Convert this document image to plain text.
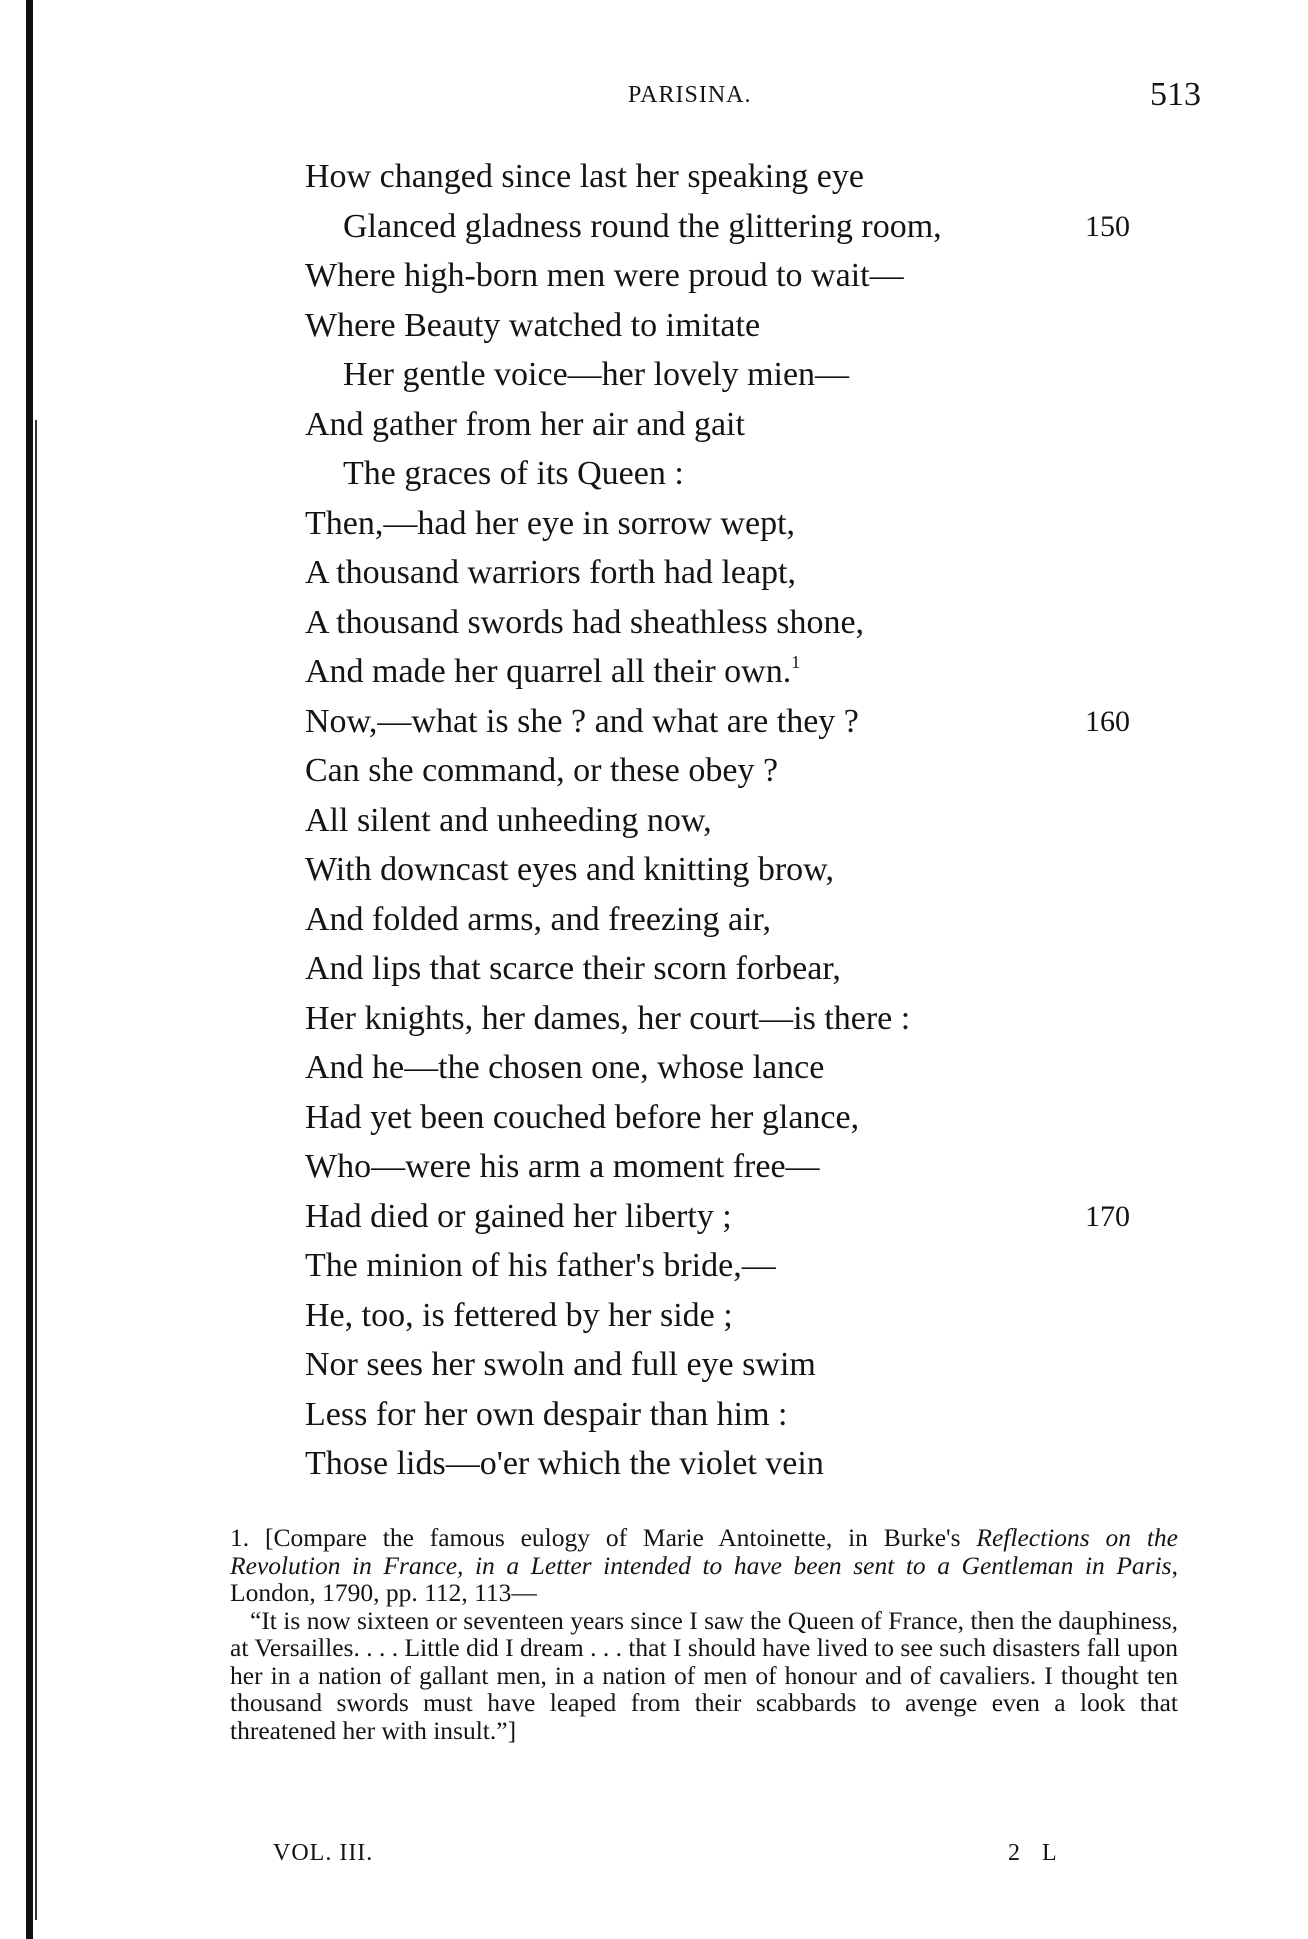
PARISINA.	513
How changed since last her speaking eye
Glanced gladness round the glittering room,	150
Where high-born men were proud to wait—
Where Beauty watched to imitate
Her gentle voice—her lovely mien—
And gather from her air and gait
The graces of its Queen :
Then,—had her eye in sorrow wept,
A thousand warriors forth had leapt,
A thousand swords had sheathless shone,
And made her quarrel all their own.$^1$
Now,—what is she ? and what are they ?	160
Can she command, or these obey ?
All silent and unheeding now,
With downcast eyes and knitting brow,
And folded arms, and freezing air,
And lips that scarce their scorn forbear,
Her knights, her dames, her court—is there :
And he—the chosen one, whose lance
Had yet been couched before her glance,
Who—were his arm a moment free—
Had died or gained her liberty ;	170
The minion of his father's bride,—
He, too, is fettered by her side ;
Nor sees her swoln and full eye swim
Less for her own despair than him :
Those lids—o'er which the violet vein

1. [Compare the famous eulogy of Marie Antoinette, in Burke's Reflections on the Revolution in France, in a Letter intended to have been sent to a Gentleman in Paris, London, 1790, pp. 112, 113—

“It is now sixteen or seventeen years since I saw the Queen of France, then the dauphiness, at Versailles. . . . Little did I dream . . . that I should have lived to see such disasters fall upon her in a nation of gallant men, in a nation of men of honour and of cavaliers. I thought ten thousand swords must have leaped from their scabbards to avenge even a look that threatened her with insult.”]

VOL. III.	2 L
